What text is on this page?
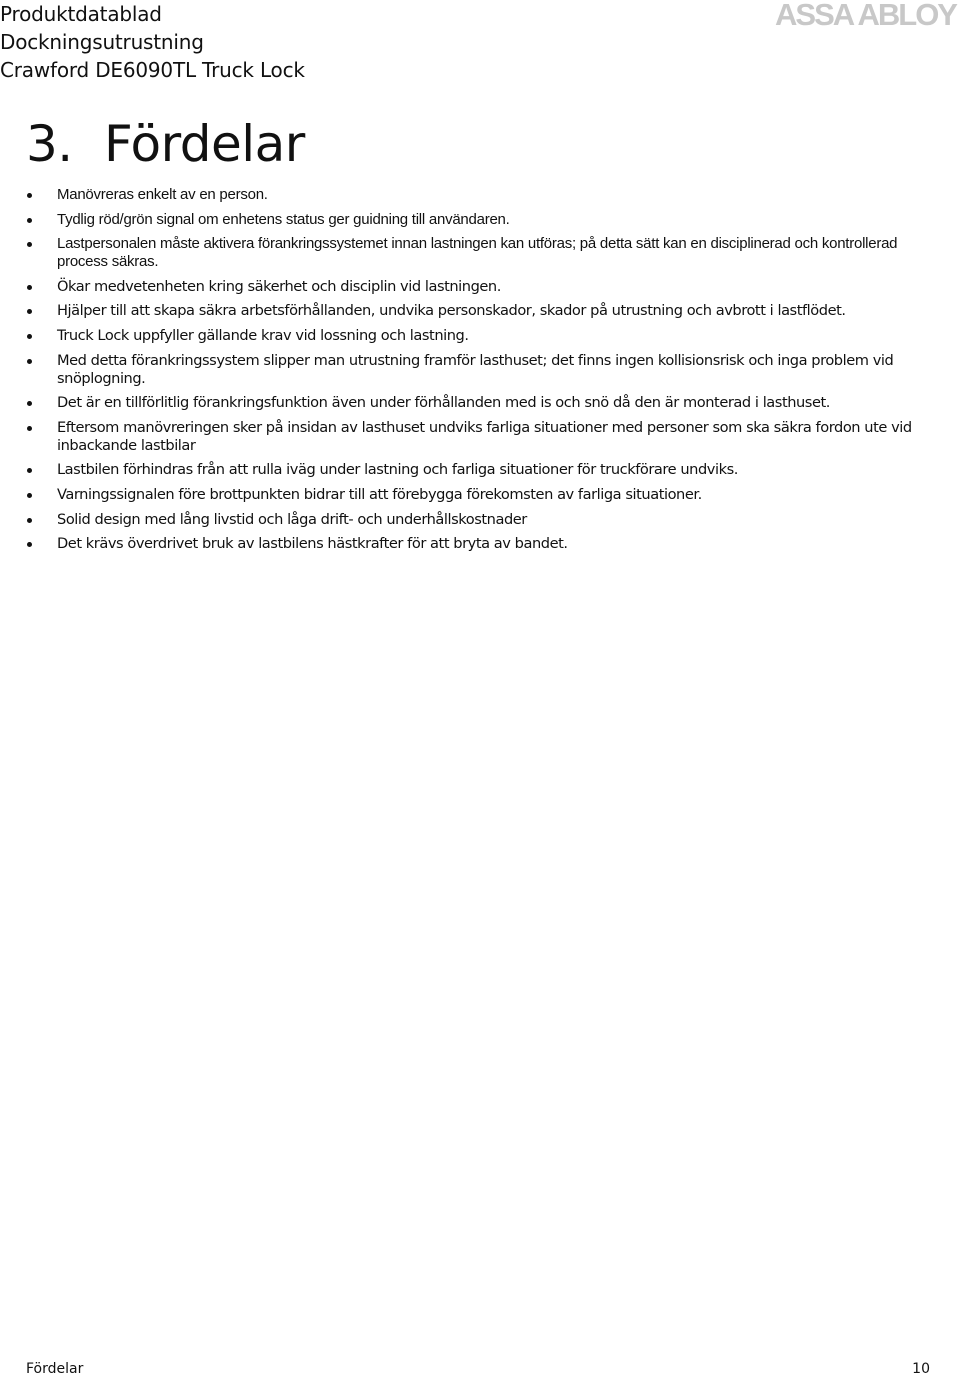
Produktdatablad
Dockningsutrustning
Crawford DE6090TL Truck Lock
ASSA ABLOY
3. Fördelar
Manövreras enkelt av en person.
Tydlig röd/grön signal om enhetens status ger guidning till användaren.
Lastpersonalen måste aktivera förankringssystemet innan lastningen kan utföras; på detta sätt kan en disciplinerad och kontrollerad process säkras.
Ökar medvetenheten kring säkerhet och disciplin vid lastningen.
Hjälper till att skapa säkra arbetsförhållanden, undvika personskador, skador på utrustning och avbrott i lastflödet.
Truck Lock uppfyller gällande krav vid lossning och lastning.
Med detta förankringssystem slipper man utrustning framför lasthuset; det finns ingen kollisionsrisk och inga problem vid snöplogning.
Det är en tillförlitlig förankringsfunktion även under förhållanden med is och snö då den är monterad i lasthuset.
Eftersom manövreringen sker på insidan av lasthuset undviks farliga situationer med personer som ska säkra fordon ute vid inbackande lastbilar
Lastbilen förhindras från att rulla iväg under lastning och farliga situationer för truckförare undviks.
Varningssignalen före brottpunkten bidrar till att förebygga förekomsten av farliga situationer.
Solid design med lång livstid och låga drift- och underhållskostnader
Det krävs överdrivet bruk av lastbilens hästkrafter för att bryta av bandet.
Fördelar	10
